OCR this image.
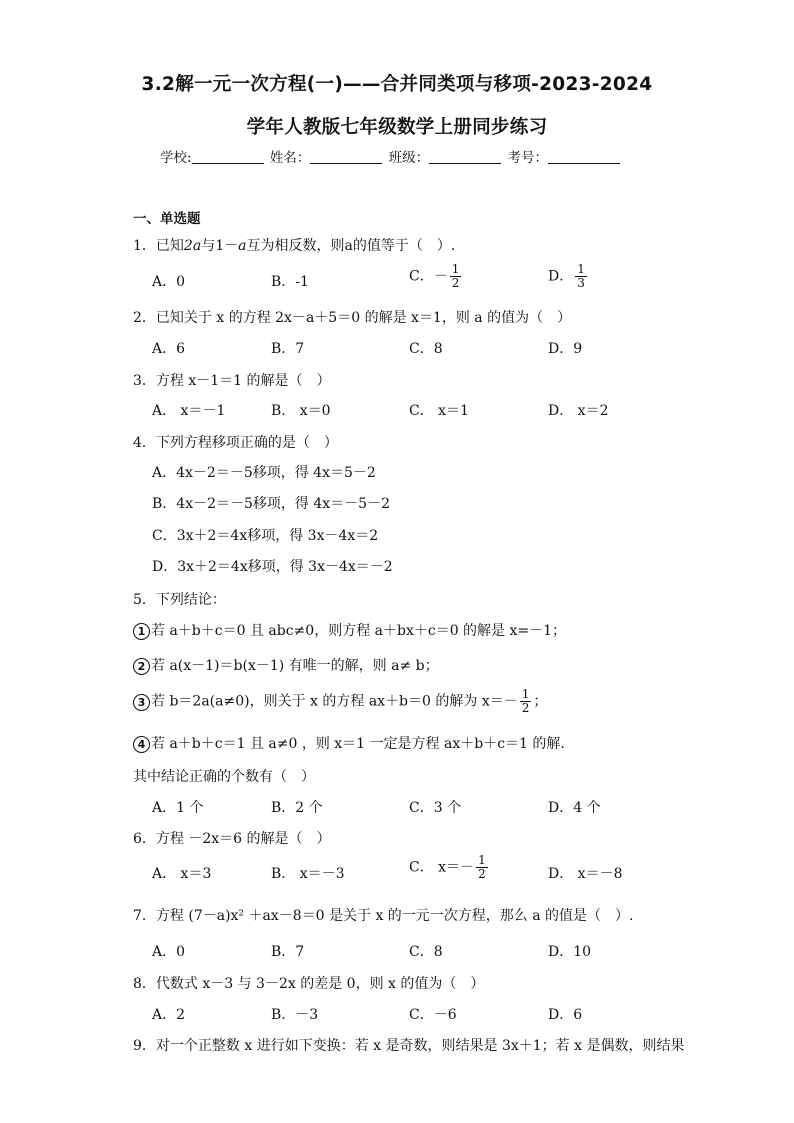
3.2解一元一次方程(一)——合并同类项与移项-2023-2024
学年人教版七年级数学上册同步练习
学校:	姓名：	班级：	考号：
一、单选题
1．已知2a与1－a互为相反数，则a的值等于（　）.
A．0	B．-1	C．－ $\frac{1}{2}$	D． $\frac{1}{3}$
2．已知关于 x 的方程 2x－a＋5＝0 的解是 x＝1，则 a 的值为（　）
A．6	B．7	C．8	D．9
3．方程 x－1＝1 的解是（　）
A． x＝－1	B． x＝0	C． x＝1	D． x＝2
4．下列方程移项正确的是（　）
A．4x－2＝－5移项，得 4x＝5－2
B．4x－2＝－5移项，得 4x＝－5－2
C．3x＋2＝4x移项，得 3x－4x＝2
D．3x＋2＝4x移项，得 3x－4x＝－2
5．下列结论：
1 若 a＋b＋c＝0 且 abc≠0，则方程 a＋bx＋c＝0 的解是 x=－1；
2 若 a(x－1)＝b(x－1) 有唯一的解，则 a≠ b；
3 若 b＝2a(a≠0)，则关于 x 的方程 ax＋b＝0 的解为 $x=- \frac{1}{2}$ ；
4 若 a＋b＋c＝1 且 a≠0 ，则 x＝1 一定是方程 ax＋b＋c＝1 的解.
其中结论正确的个数有（　）
A．1 个	B．2 个	C．3 个	D．4 个
6．方程 －2x＝6 的解是（　）
A． x＝3	B． x＝－3	C． $x=- \frac{1}{2}$	D． x＝－8
7．方程 (7－a)x² ＋ax－8＝0 是关于 x 的一元一次方程，那么 a 的值是（　）.
A．0	B．7	C．8	D．10
8．代数式 x－3 与 3－2x 的差是 0，则 x 的值为（　）
A．2	B．－3	C．－6	D．6
9．对一个正整数 x 进行如下变换：若 x 是奇数，则结果是 3x＋1；若 x 是偶数，则结果
